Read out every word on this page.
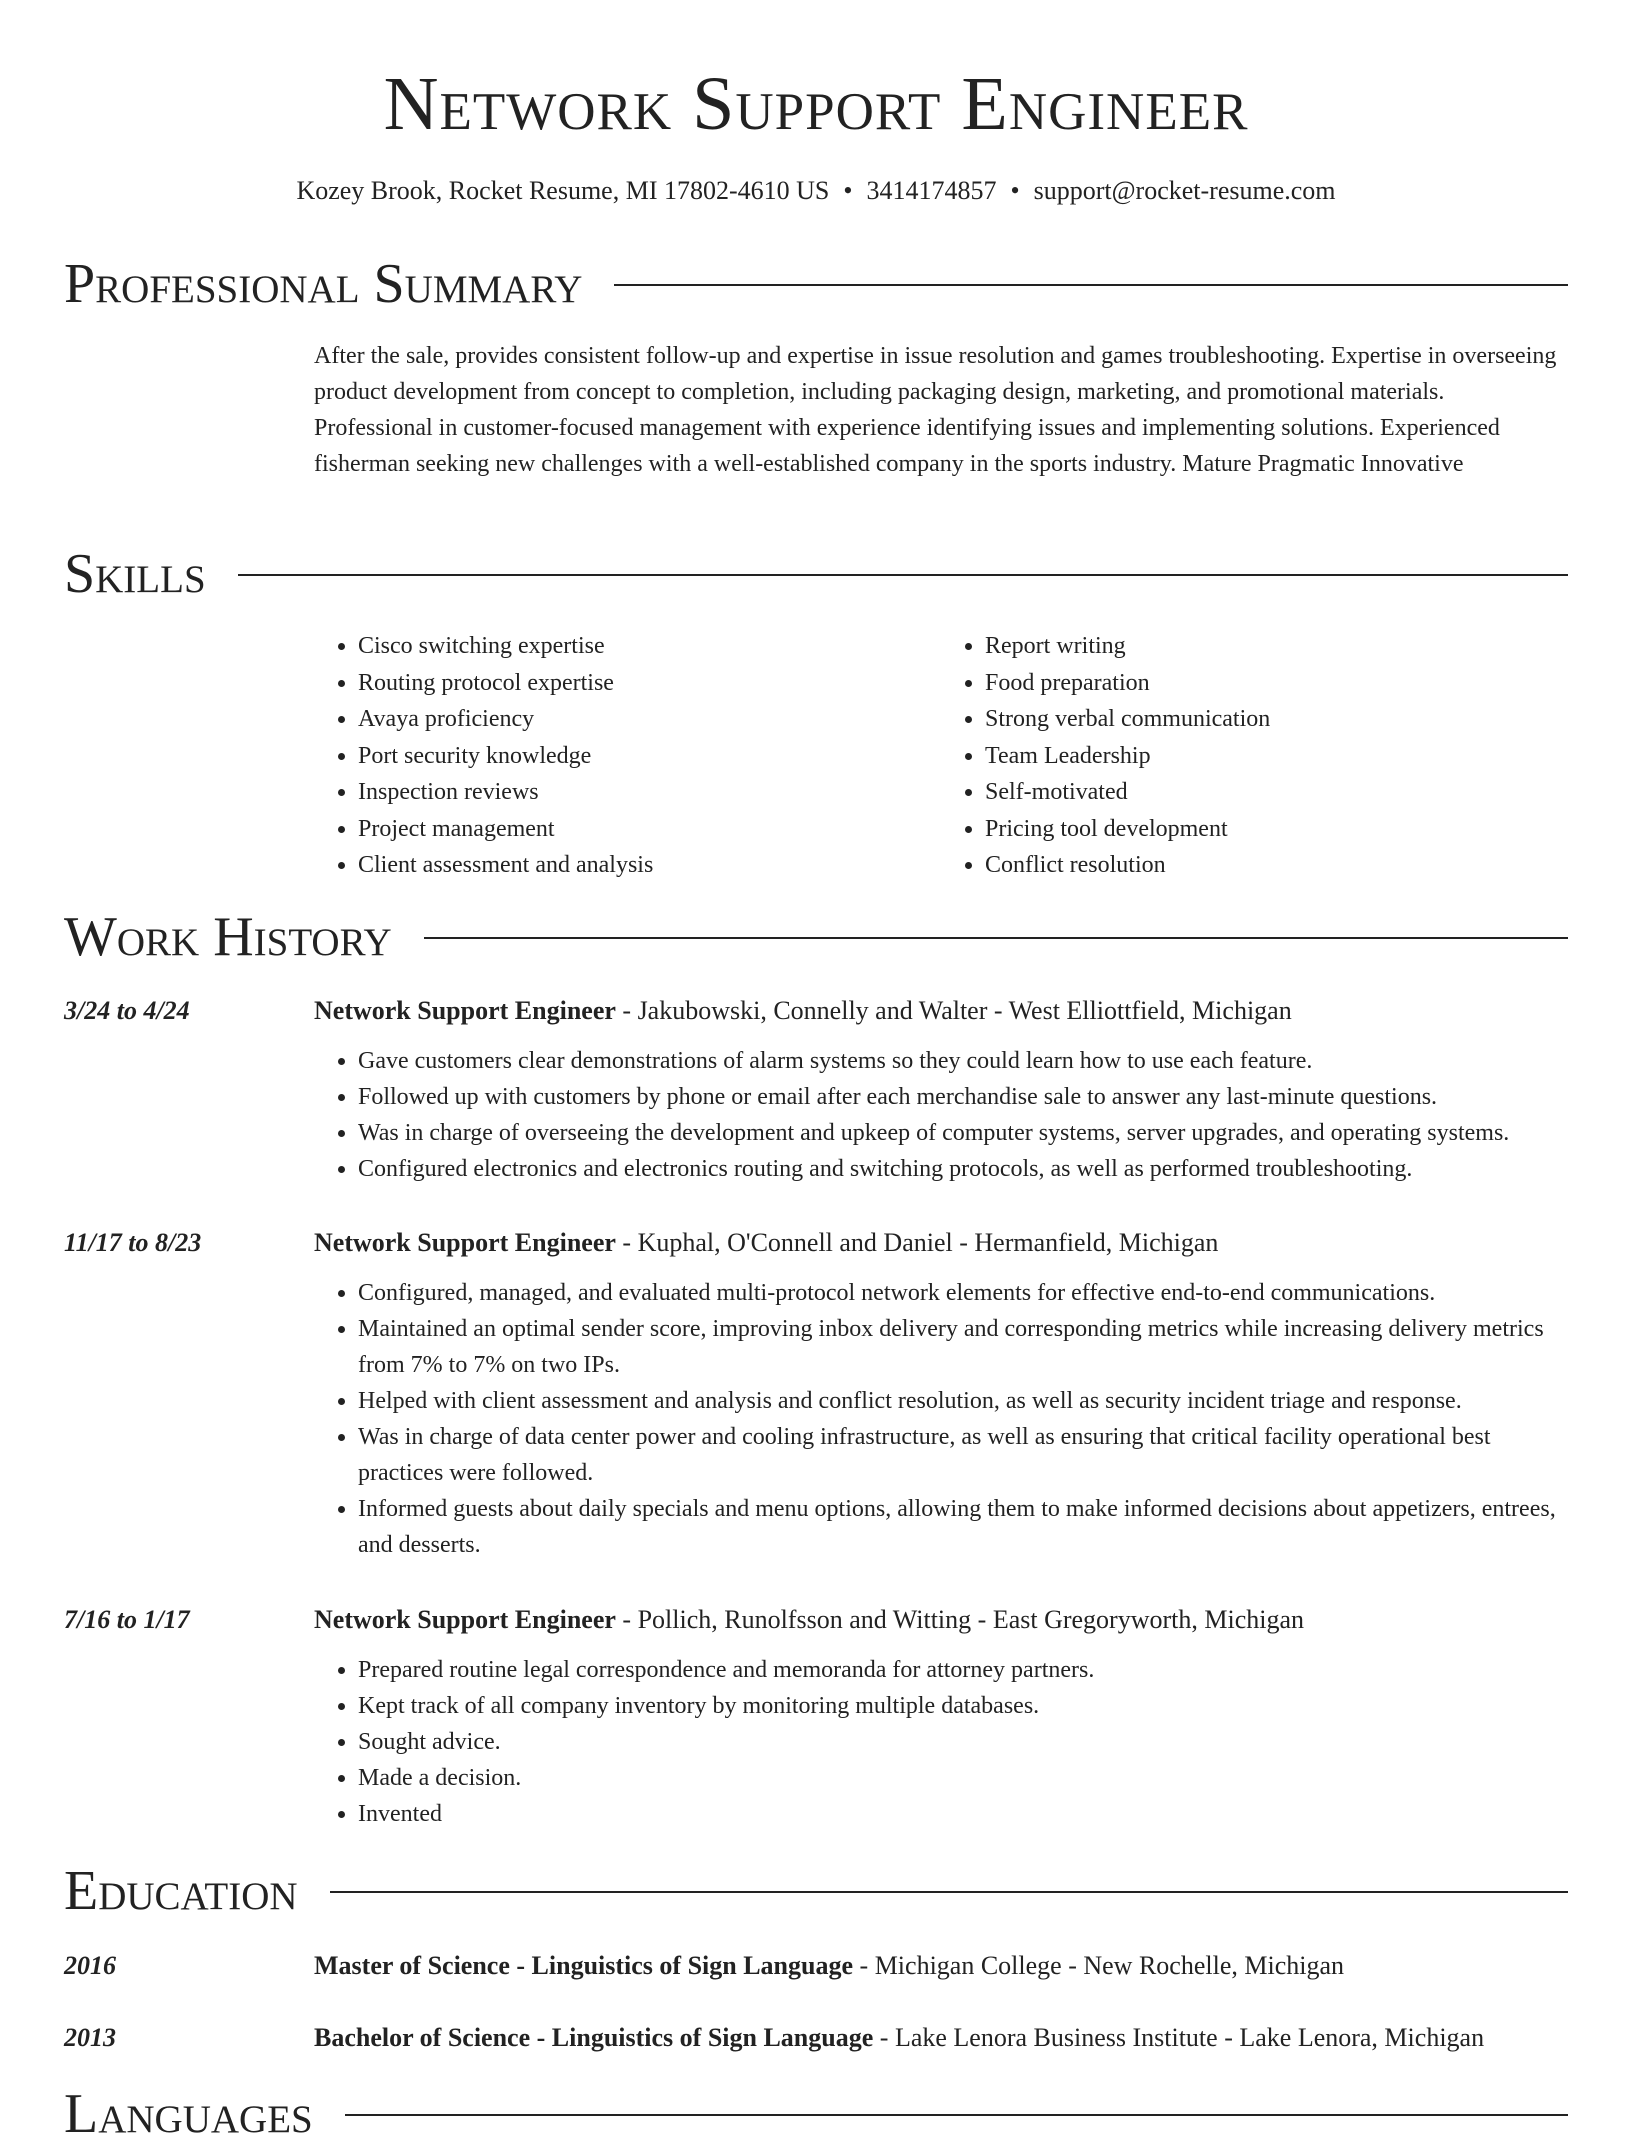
Network Support Engineer
Kozey Brook, Rocket Resume, MI 17802-4610 US • 3414174857 • support@rocket-resume.com
Professional Summary

After the sale, provides consistent follow-up and expertise in issue resolution and games troubleshooting. Expertise in overseeing product development from concept to completion, including packaging design, marketing, and promotional materials. Professional in customer-focused management with experience identifying issues and implementing solutions. Experienced fisherman seeking new challenges with a well-established company in the sports industry. Mature Pragmatic Innovative

Skills
• Cisco switching expertise
• Routing protocol expertise
• Avaya proficiency
• Port security knowledge
• Inspection reviews
• Project management
• Client assessment and analysis
• Report writing
• Food preparation
• Strong verbal communication
• Team Leadership
• Self-motivated
• Pricing tool development
• Conflict resolution
Work History
3/24 to 4/24	Network Support Engineer - Jakubowski, Connelly and Walter - West Elliottfield, Michigan
• Gave customers clear demonstrations of alarm systems so they could learn how to use each feature.
• Followed up with customers by phone or email after each merchandise sale to answer any last-minute questions.
• Was in charge of overseeing the development and upkeep of computer systems, server upgrades, and operating systems.
• Configured electronics and electronics routing and switching protocols, as well as performed troubleshooting.
11/17 to 8/23	Network Support Engineer - Kuphal, O'Connell and Daniel - Hermanfield, Michigan
• Configured, managed, and evaluated multi-protocol network elements for effective end-to-end communications.
• Maintained an optimal sender score, improving inbox delivery and corresponding metrics while increasing delivery metrics from 7% to 7% on two IPs.
• Helped with client assessment and analysis and conflict resolution, as well as security incident triage and response.
• Was in charge of data center power and cooling infrastructure, as well as ensuring that critical facility operational best practices were followed.
• Informed guests about daily specials and menu options, allowing them to make informed decisions about appetizers, entrees, and desserts.
7/16 to 1/17	Network Support Engineer - Pollich, Runolfsson and Witting - East Gregoryworth, Michigan
• Prepared routine legal correspondence and memoranda for attorney partners.
• Kept track of all company inventory by monitoring multiple databases.
• Sought advice.
• Made a decision.
• Invented
Education
2016	Master of Science - Linguistics of Sign Language - Michigan College - New Rochelle, Michigan
2013	Bachelor of Science - Linguistics of Sign Language - Lake Lenora Business Institute - Lake Lenora, Michigan
Languages
